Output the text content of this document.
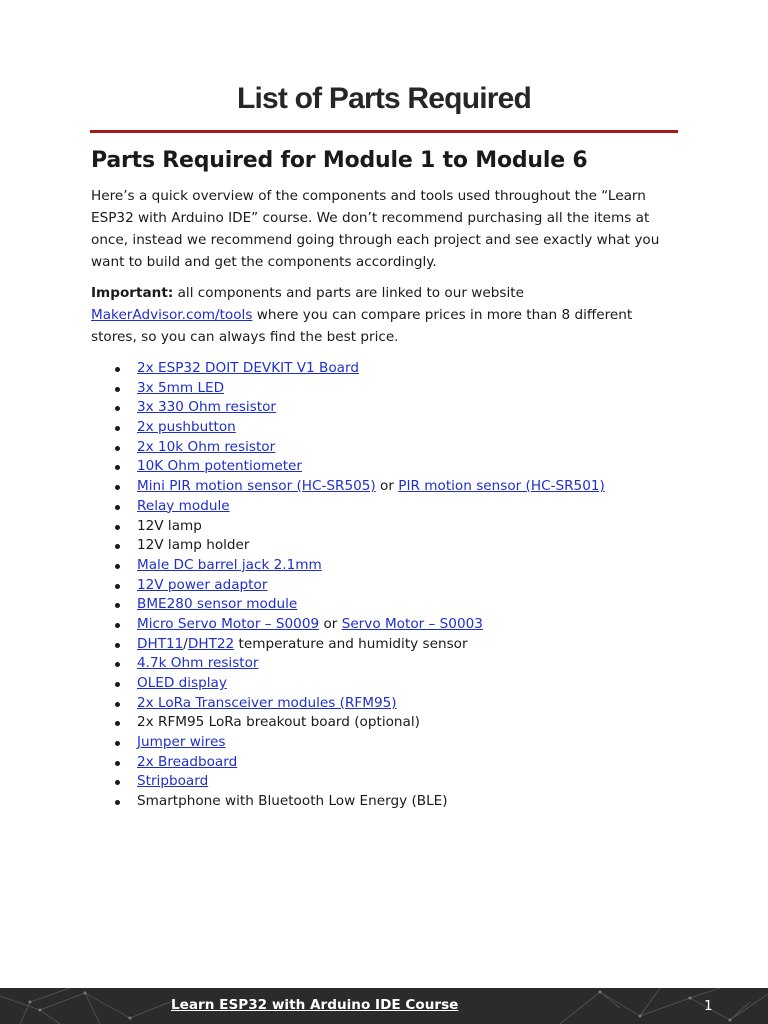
List of Parts Required
Parts Required for Module 1 to Module 6

Here’s a quick overview of the components and tools used throughout the “Learn ESP32 with Arduino IDE” course. We don’t recommend purchasing all the items at once, instead we recommend going through each project and see exactly what you want to build and get the components accordingly.

Important: all components and parts are linked to our website MakerAdvisor.com/tools where you can compare prices in more than 8 different stores, so you can always find the best price.

2x ESP32 DOIT DEVKIT V1 Board
3x 5mm LED
3x 330 Ohm resistor
2x pushbutton
2x 10k Ohm resistor
10K Ohm potentiometer
Mini PIR motion sensor (HC-SR505) or PIR motion sensor (HC-SR501)
Relay module
12V lamp
12V lamp holder
Male DC barrel jack 2.1mm
12V power adaptor
BME280 sensor module
Micro Servo Motor – S0009 or Servo Motor – S0003
DHT11/DHT22 temperature and humidity sensor
4.7k Ohm resistor
OLED display
2x LoRa Transceiver modules (RFM95)
2x RFM95 LoRa breakout board (optional)
Jumper wires
2x Breadboard
Stripboard
Smartphone with Bluetooth Low Energy (BLE)
Learn ESP32 with Arduino IDE Course	1
